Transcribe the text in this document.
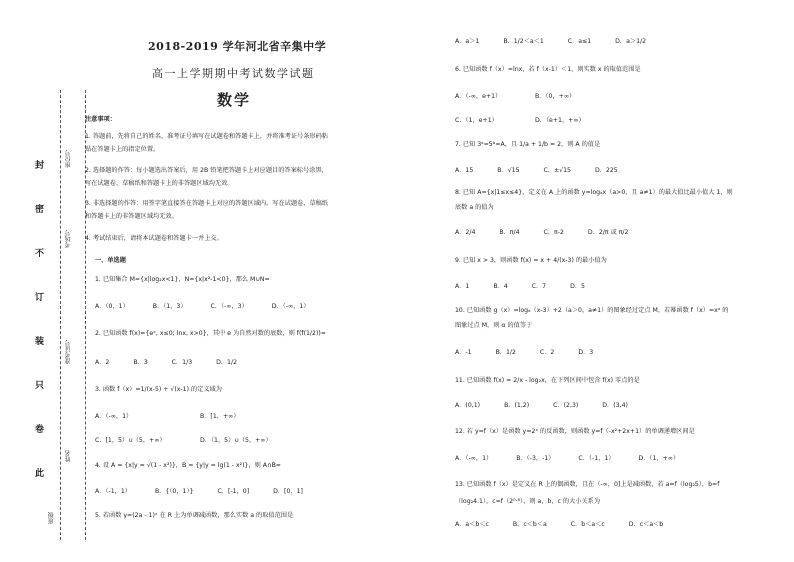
封
密
不
订
装
只
卷
此
座位号
考场号
准考证号
姓名
班级
2018-2019 学年河北省辛集中学
高一上学期期中考试数学试题
数学
注意事项：
1. 答题前，先将自己的姓名、准考证号填写在试题卷和答题卡上，并将准考证号条形码粘
贴在答题卡上的指定位置。
2. 选择题的作答：每小题选出答案后，用 2B 铅笔把答题卡上对应题目的答案标号涂黑，
写在试题卷、草稿纸和答题卡上的非答题区域均无效。
3. 非选择题的作答：用签字笔直接答在答题卡上对应的答题区域内。写在试题卷、草稿纸
和答题卡上的非答题区域均无效。
4. 考试结束后，请将本试题卷和答题卡一并上交。
一、单选题
1. 已知集合 M={x|log₂x<1}，N={x|x²-1<0}，那么 M∪N=
A．（0，1）	B．（1，3）	C．（-∞，3）	D．（-∞，1）
2. 已知函数 f(x)={eˣ, x≤0; lnx, x>0}，其中 e 为自然对数的底数，则 f(f(1/2))=
A．2	B．3	C．1/3	D．1/2
3. 函数 f（x）=1/(x-5) + √(x-1) 的定义域为
A．（-∞，1）	B．[1，+∞）
C．[1，5）∪（5，+∞）	D．（1，5）∪（5，+∞）
4. 设 A = {x|y = √(1 - x²)}，B = {y|y = lg(1 - x²)}，则 A∩B=
A．（-1，1）	B．{（0，1）}	C．[-1，0]	D．[0，1]
5. 若函数 y=(2a - 1)ˣ 在 R 上为单调减函数，那么实数 a 的取值范围是
A．a＞1	B．1/2＜a＜1	C．a≤1	D．a＞1/2
6. 已知函数 f（x）=lnx，若 f（x-1）＜1，则实数 x 的取值范围是
A．（-∞，e+1）	B．（0，+∞）
C．（1，e+1）	D．（e+1，+∞）
7. 已知 3ᵃ=5ᵇ=A，且 1/a + 1/b = 2，则 A 的值是
A．15	B．√15	C．±√15	D．225
8. 已知 A={x|1≤x≤4}，定义在 A 上的函数 y=logₐx（a>0，且 a≠1）的最大值比最小值大 1，则
底数 a 的值为
A．2/4	B．π/4	C．π-2	D．2/π 或 π/2
9. 已知 x > 3，则函数 f(x) = x + 4/(x-3) 的最小值为
A．1	B．4	C．7	D．5
10. 已知函数 g（x）=logₐ（x-3）+2（a＞0，a≠1）的图象经过定点 M，若幂函数 f（x）=xᵃ 的
图象过点 M，则 α 的值等于
A．-1	B．1/2	C．2	D．3
11. 已知函数 f(x) = 2/x - log₂x，在下列区间中包含 f(x) 零点的是
A．(0,1)	B．(1,2)	C．(2,3)	D．(3,4)
12. 若 y=f（x）是函数 y=2ˣ 的反函数，则函数 y=f（-x²+2x+1）的单调递增区间是
A．（-∞，1）	B．（-3，-1）	C．（-1，1）	D．（1，+∞）
13. 已知函数 f（x）是定义在 R 上的偶函数，且在（-∞，0]上是减函数，若 a=f（log₂5），b=f
（log₂4.1），c=f（2⁰·⁸），则 a，b，c 的大小关系为
A．a＜b＜c	B．c＜b＜a	C．b＜a＜c	D．c＜a＜b
